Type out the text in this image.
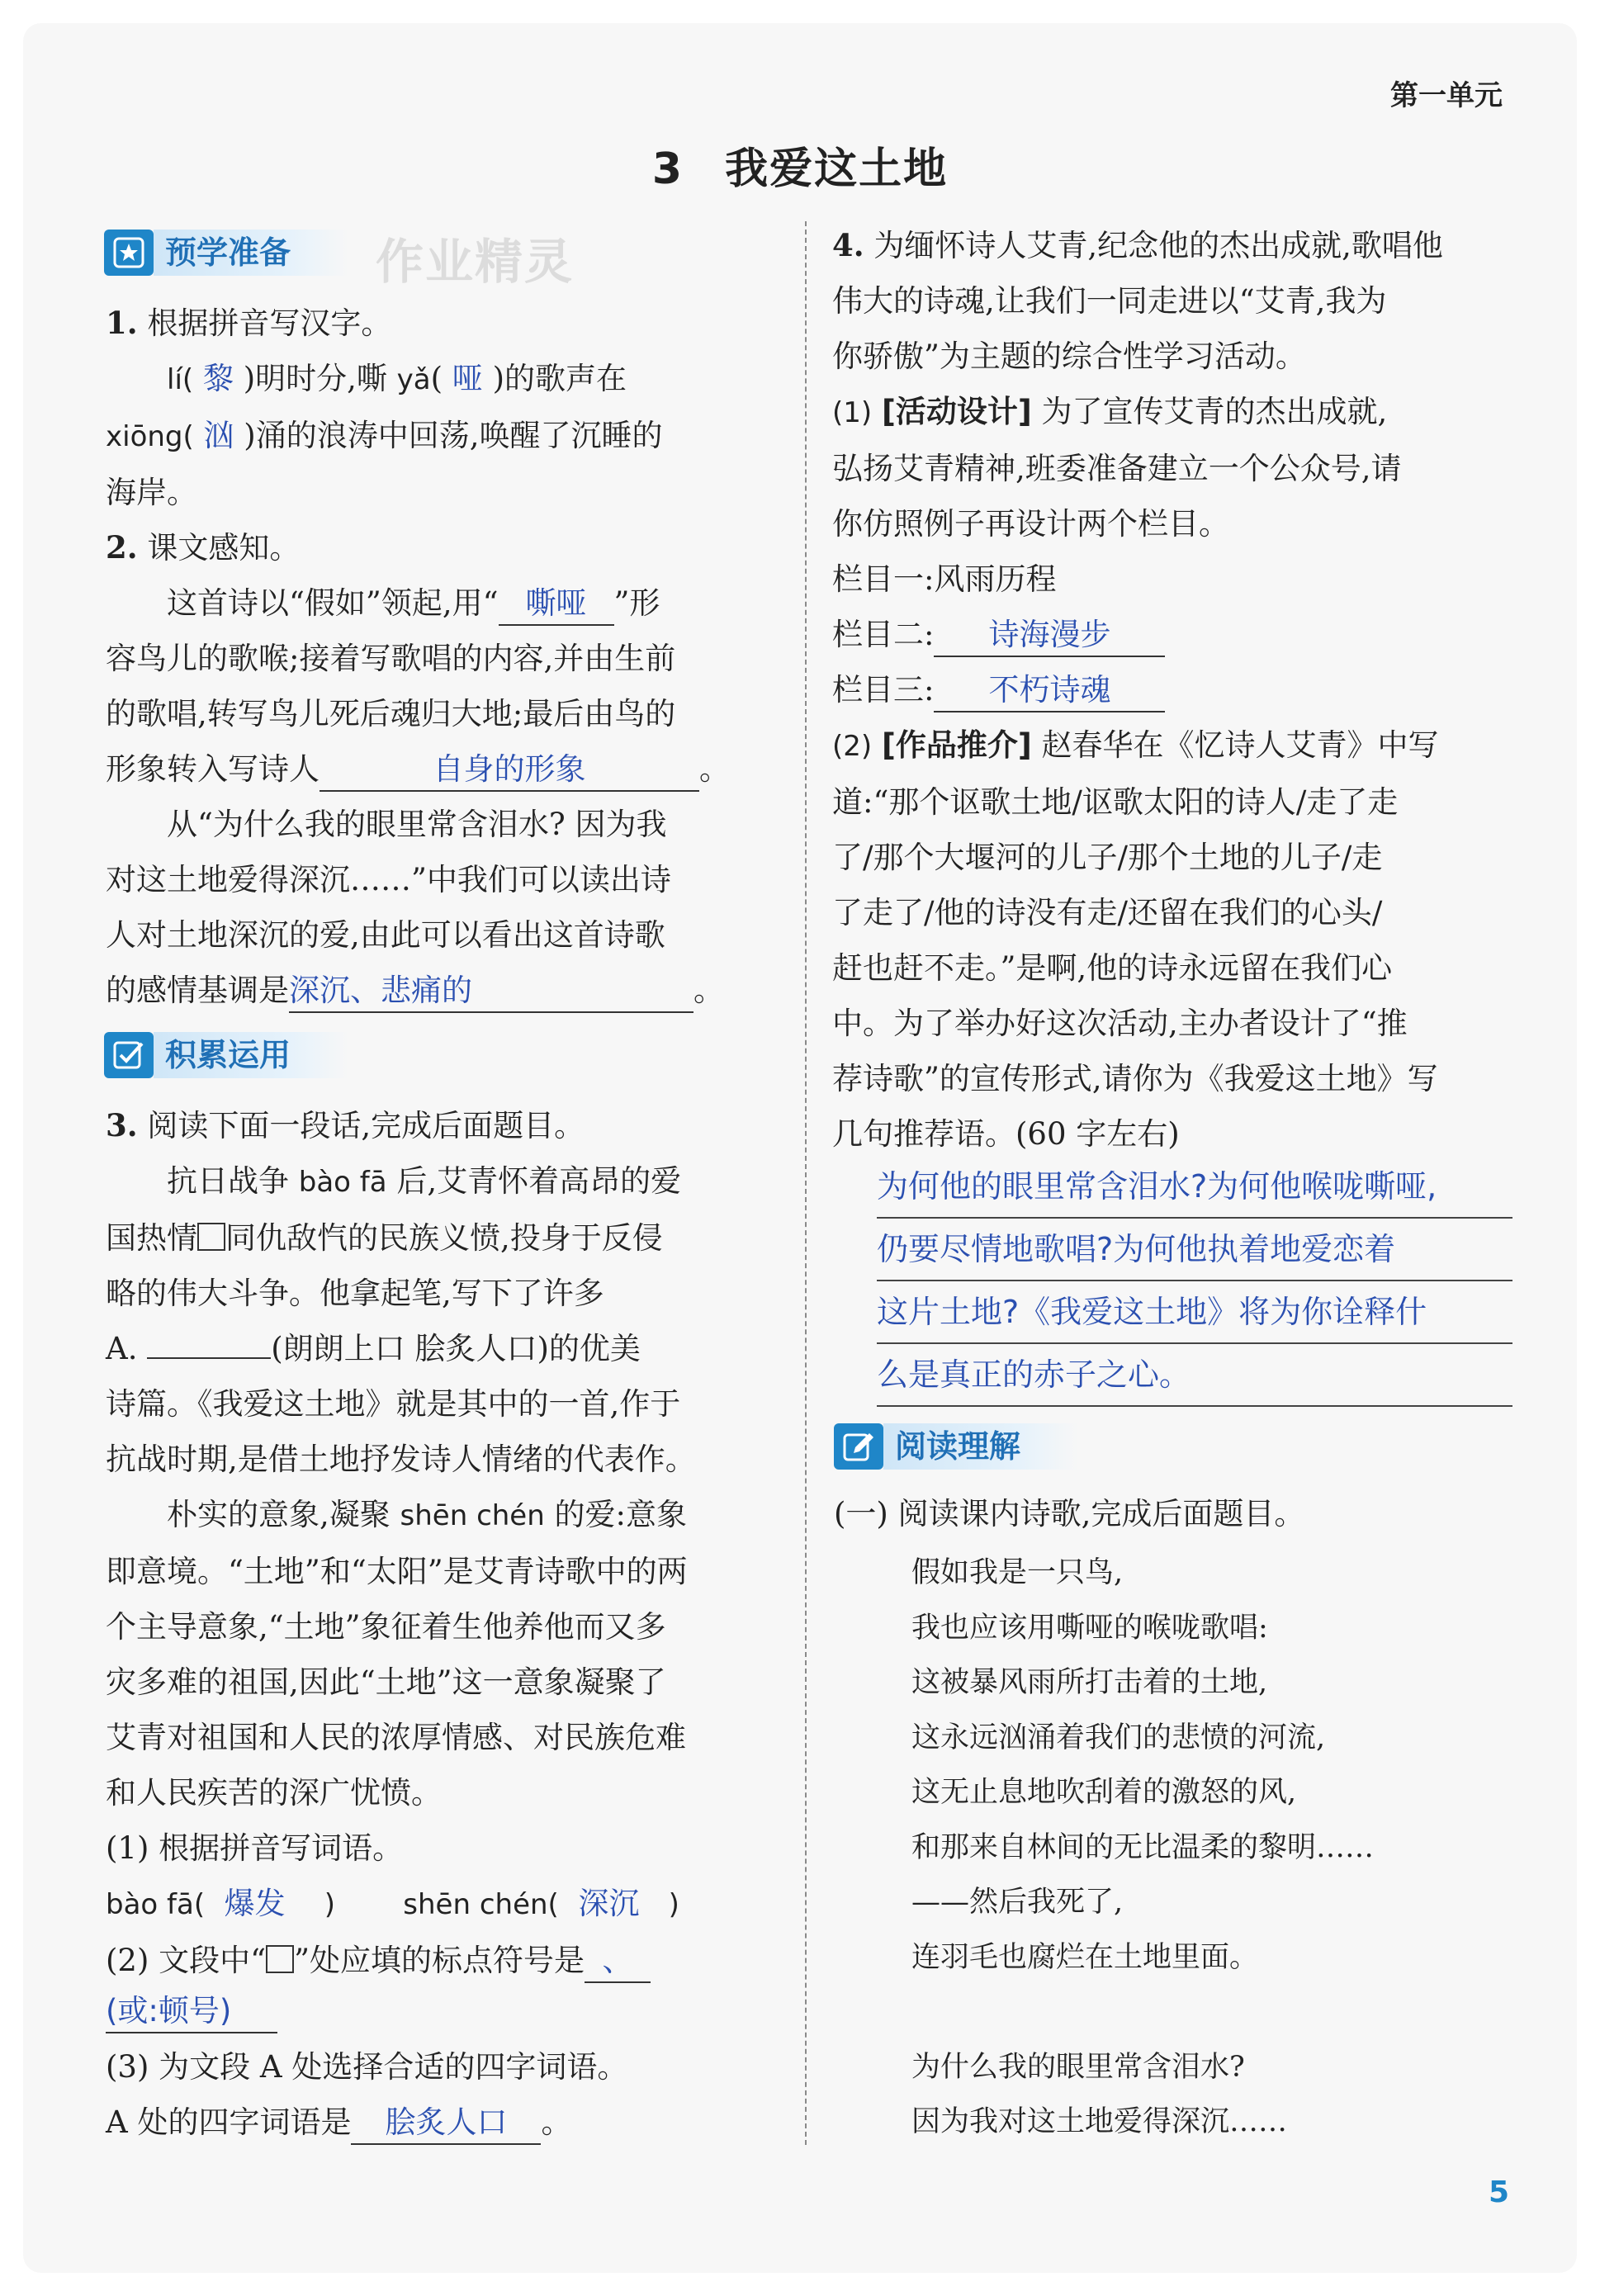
第一单元
3 我爱这土地
预学准备	作业精灵

1. 根据拼音写汉字。

lí( 黎 )明时分,嘶 yǎ( 哑 )的歌声在

xiōng( 汹 )涌的浪涛中回荡,唤醒了沉睡的

海岸。

2. 课文感知。

这首诗以“假如”领起,用“ 嘶哑 ”形

容鸟儿的歌喉;接着写歌唱的内容,并由生前

的歌唱,转写鸟儿死后魂归大地;最后由鸟的

形象转入写诗人	自身的形象	。

从“为什么我的眼里常含泪水? 因为我

对这土地爱得深沉……”中我们可以读出诗

人对土地深沉的爱,由此可以看出这首诗歌

的感情基调是深沉、悲痛的	。

积累运用

3. 阅读下面一段话,完成后面题目。

抗日战争 bào fā 后,艾青怀着高昂的爱

国热情 同仇敌忾的民族义愤,投身于反侵

略的伟大斗争。他拿起笔,写下了许多

A.	(朗朗上口 脍炙人口)的优美

诗篇。《我爱这土地》就是其中的一首,作于

抗战时期,是借土地抒发诗人情绪的代表作。

朴实的意象,凝聚 shēn chén 的爱:意象

即意境。“土地”和“太阳”是艾青诗歌中的两

个主导意象,“土地”象征着生他养他而又多

灾多难的祖国,因此“土地”这一意象凝聚了

艾青对祖国和人民的浓厚情感、对民族危难

和人民疾苦的深广忧愤。

(1) 根据拼音写词语。

bào fā( 爆发 ) shēn chén( 深沉 )

(2) 文段中“ ”处应填的标点符号是 、

(或:顿号)

(3) 为文段 A 处选择合适的四字词语。

A 处的四字词语是 脍炙人口 。

4. 为缅怀诗人艾青,纪念他的杰出成就,歌唱他

伟大的诗魂,让我们一同走进以“艾青,我为

你骄傲”为主题的综合性学习活动。

(1) [活动设计] 为了宣传艾青的杰出成就,

弘扬艾青精神,班委准备建立一个公众号,请

你仿照例子再设计两个栏目。

栏目一:风雨历程

栏目二: 诗海漫步

栏目三: 不朽诗魂

(2) [作品推介] 赵春华在《忆诗人艾青》中写

道:“那个讴歌土地/讴歌太阳的诗人/走了走

了/那个大堰河的儿子/那个土地的儿子/走

了走了/他的诗没有走/还留在我们的心头/

赶也赶不走。”是啊,他的诗永远留在我们心

中。为了举办好这次活动,主办者设计了“推

荐诗歌”的宣传形式,请你为《我爱这土地》写

几句推荐语。(60 字左右)

为何他的眼里常含泪水?为何他喉咙嘶哑,

仍要尽情地歌唱?为何他执着地爱恋着

这片土地?《我爱这土地》将为你诠释什

么是真正的赤子之心。

阅读理解

(一) 阅读课内诗歌,完成后面题目。

假如我是一只鸟,
我也应该用嘶哑的喉咙歌唱:
这被暴风雨所打击着的土地,
这永远汹涌着我们的悲愤的河流,
这无止息地吹刮着的激怒的风,
和那来自林间的无比温柔的黎明……
——然后我死了,
连羽毛也腐烂在土地里面。
为什么我的眼里常含泪水?
因为我对这土地爱得深沉……
5
